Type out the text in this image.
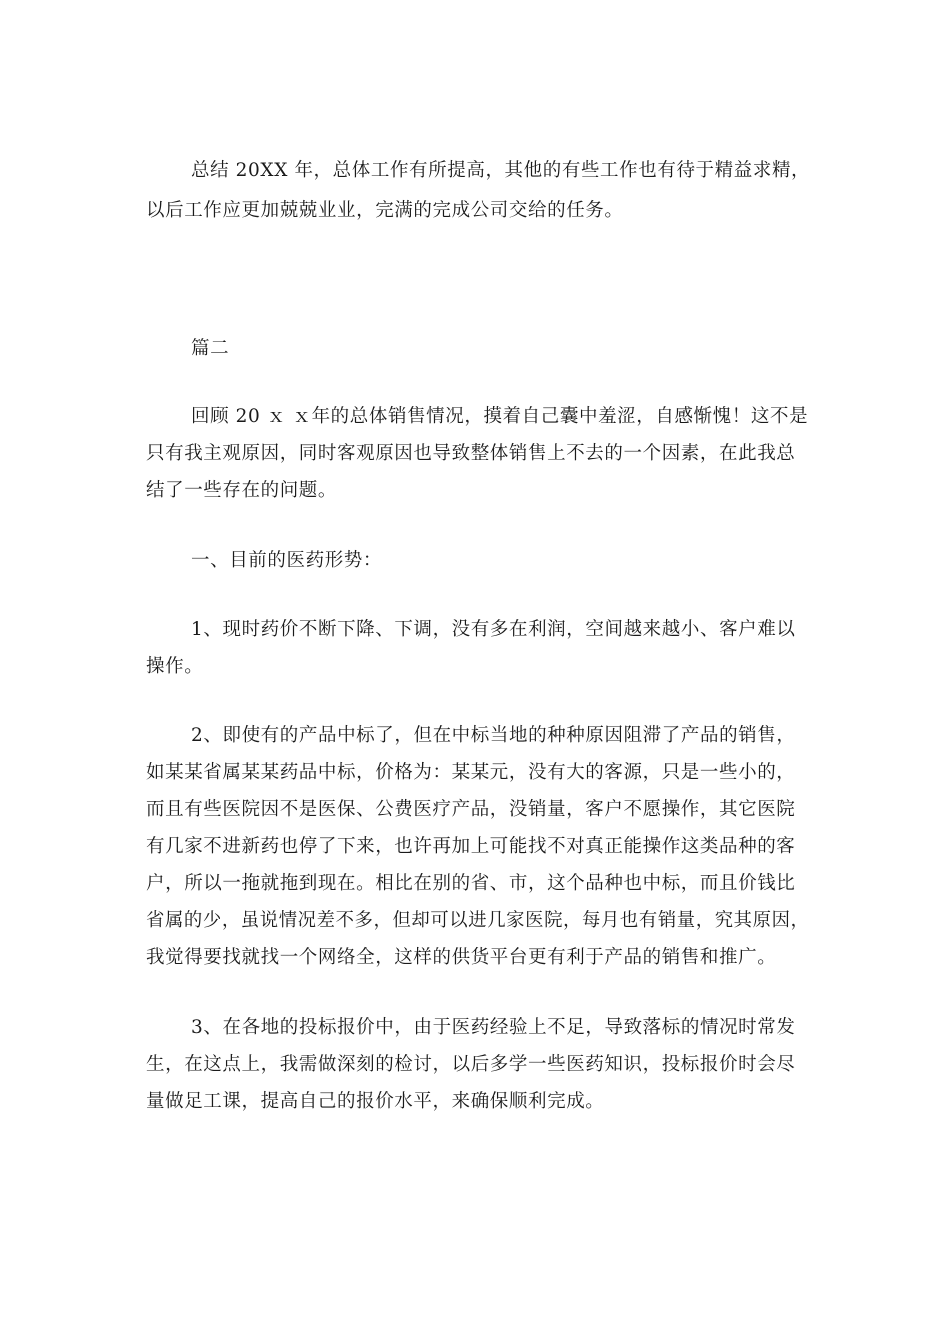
总结 20XX 年，总体工作有所提高，其他的有些工作也有待于精益求精，
以后工作应更加兢兢业业，完满的完成公司交给的任务。
篇二
回顾 20 ｘ ｘ年的总体销售情况，摸着自己囊中羞涩，自感惭愧！这不是
只有我主观原因，同时客观原因也导致整体销售上不去的一个因素，在此我总
结了一些存在的问题。
一、目前的医药形势：
1、现时药价不断下降、下调，没有多在利润，空间越来越小、客户难以
操作。
2、即使有的产品中标了，但在中标当地的种种原因阻滞了产品的销售，
如某某省属某某药品中标，价格为：某某元，没有大的客源，只是一些小的，
而且有些医院因不是医保、公费医疗产品，没销量，客户不愿操作，其它医院
有几家不进新药也停了下来，也许再加上可能找不对真正能操作这类品种的客
户，所以一拖就拖到现在。相比在别的省、市，这个品种也中标，而且价钱比
省属的少，虽说情况差不多，但却可以进几家医院，每月也有销量，究其原因，
我觉得要找就找一个网络全，这样的供货平台更有利于产品的销售和推广。
3、在各地的投标报价中，由于医药经验上不足，导致落标的情况时常发
生，在这点上，我需做深刻的检讨，以后多学一些医药知识，投标报价时会尽
量做足工课，提高自己的报价水平，来确保顺利完成。
